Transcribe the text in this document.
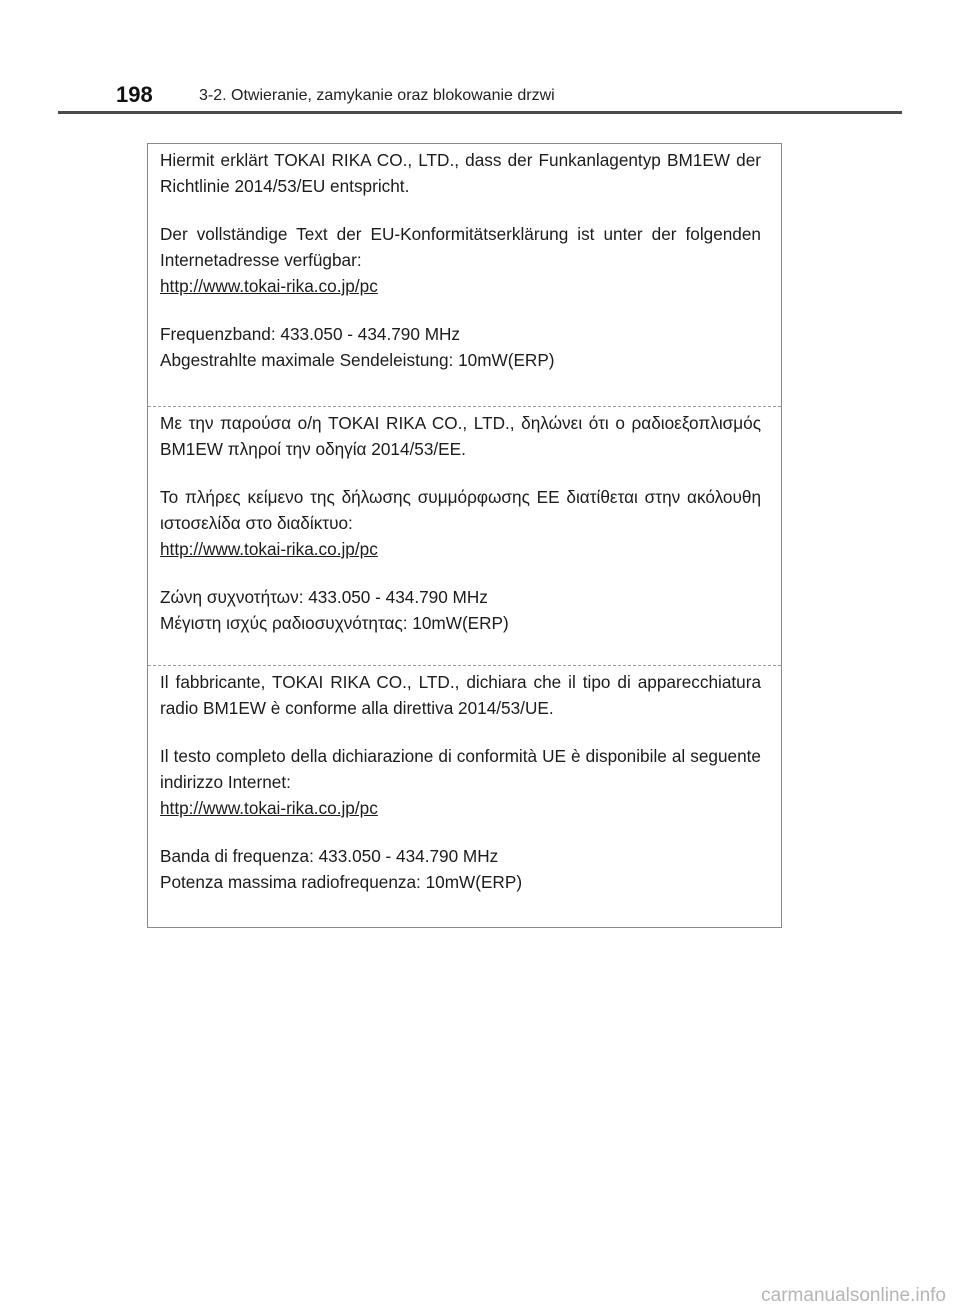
198	3-2. Otwieranie, zamykanie oraz blokowanie drzwi

Hiermit erklärt TOKAI RIKA CO., LTD., dass der Funkanlagentyp BM1EW der Richtlinie 2014/53/EU entspricht.

Der vollständige Text der EU-Konformitätserklärung ist unter der folgenden Internetadresse verfügbar:

http://www.tokai-rika.co.jp/pc

Frequenzband: 433.050 - 434.790 MHz

Abgestrahlte maximale Sendeleistung: 10mW(ERP)

Με την παρούσα ο/η TOKAI RIKA CO., LTD., δηλώνει ότι ο ραδιοεξοπλισμός BM1EW πληροί την οδηγία 2014/53/ΕΕ.

Το πλήρες κείμενο της δήλωσης συμμόρφωσης ΕΕ διατίθεται στην ακόλουθη ιστοσελίδα στο διαδίκτυο:

http://www.tokai-rika.co.jp/pc

Ζώνη συχνοτήτων: 433.050 - 434.790 MHz

Μέγιστη ισχύς ραδιοσυχνότητας: 10mW(ERP)

Il fabbricante, TOKAI RIKA CO., LTD., dichiara che il tipo di apparecchiatura radio BM1EW è conforme alla direttiva 2014/53/UE.

Il testo completo della dichiarazione di conformità UE è disponibile al seguente indirizzo Internet:

http://www.tokai-rika.co.jp/pc

Banda di frequenza: 433.050 - 434.790 MHz

Potenza massima radiofrequenza: 10mW(ERP)

carmanualsonline.info
